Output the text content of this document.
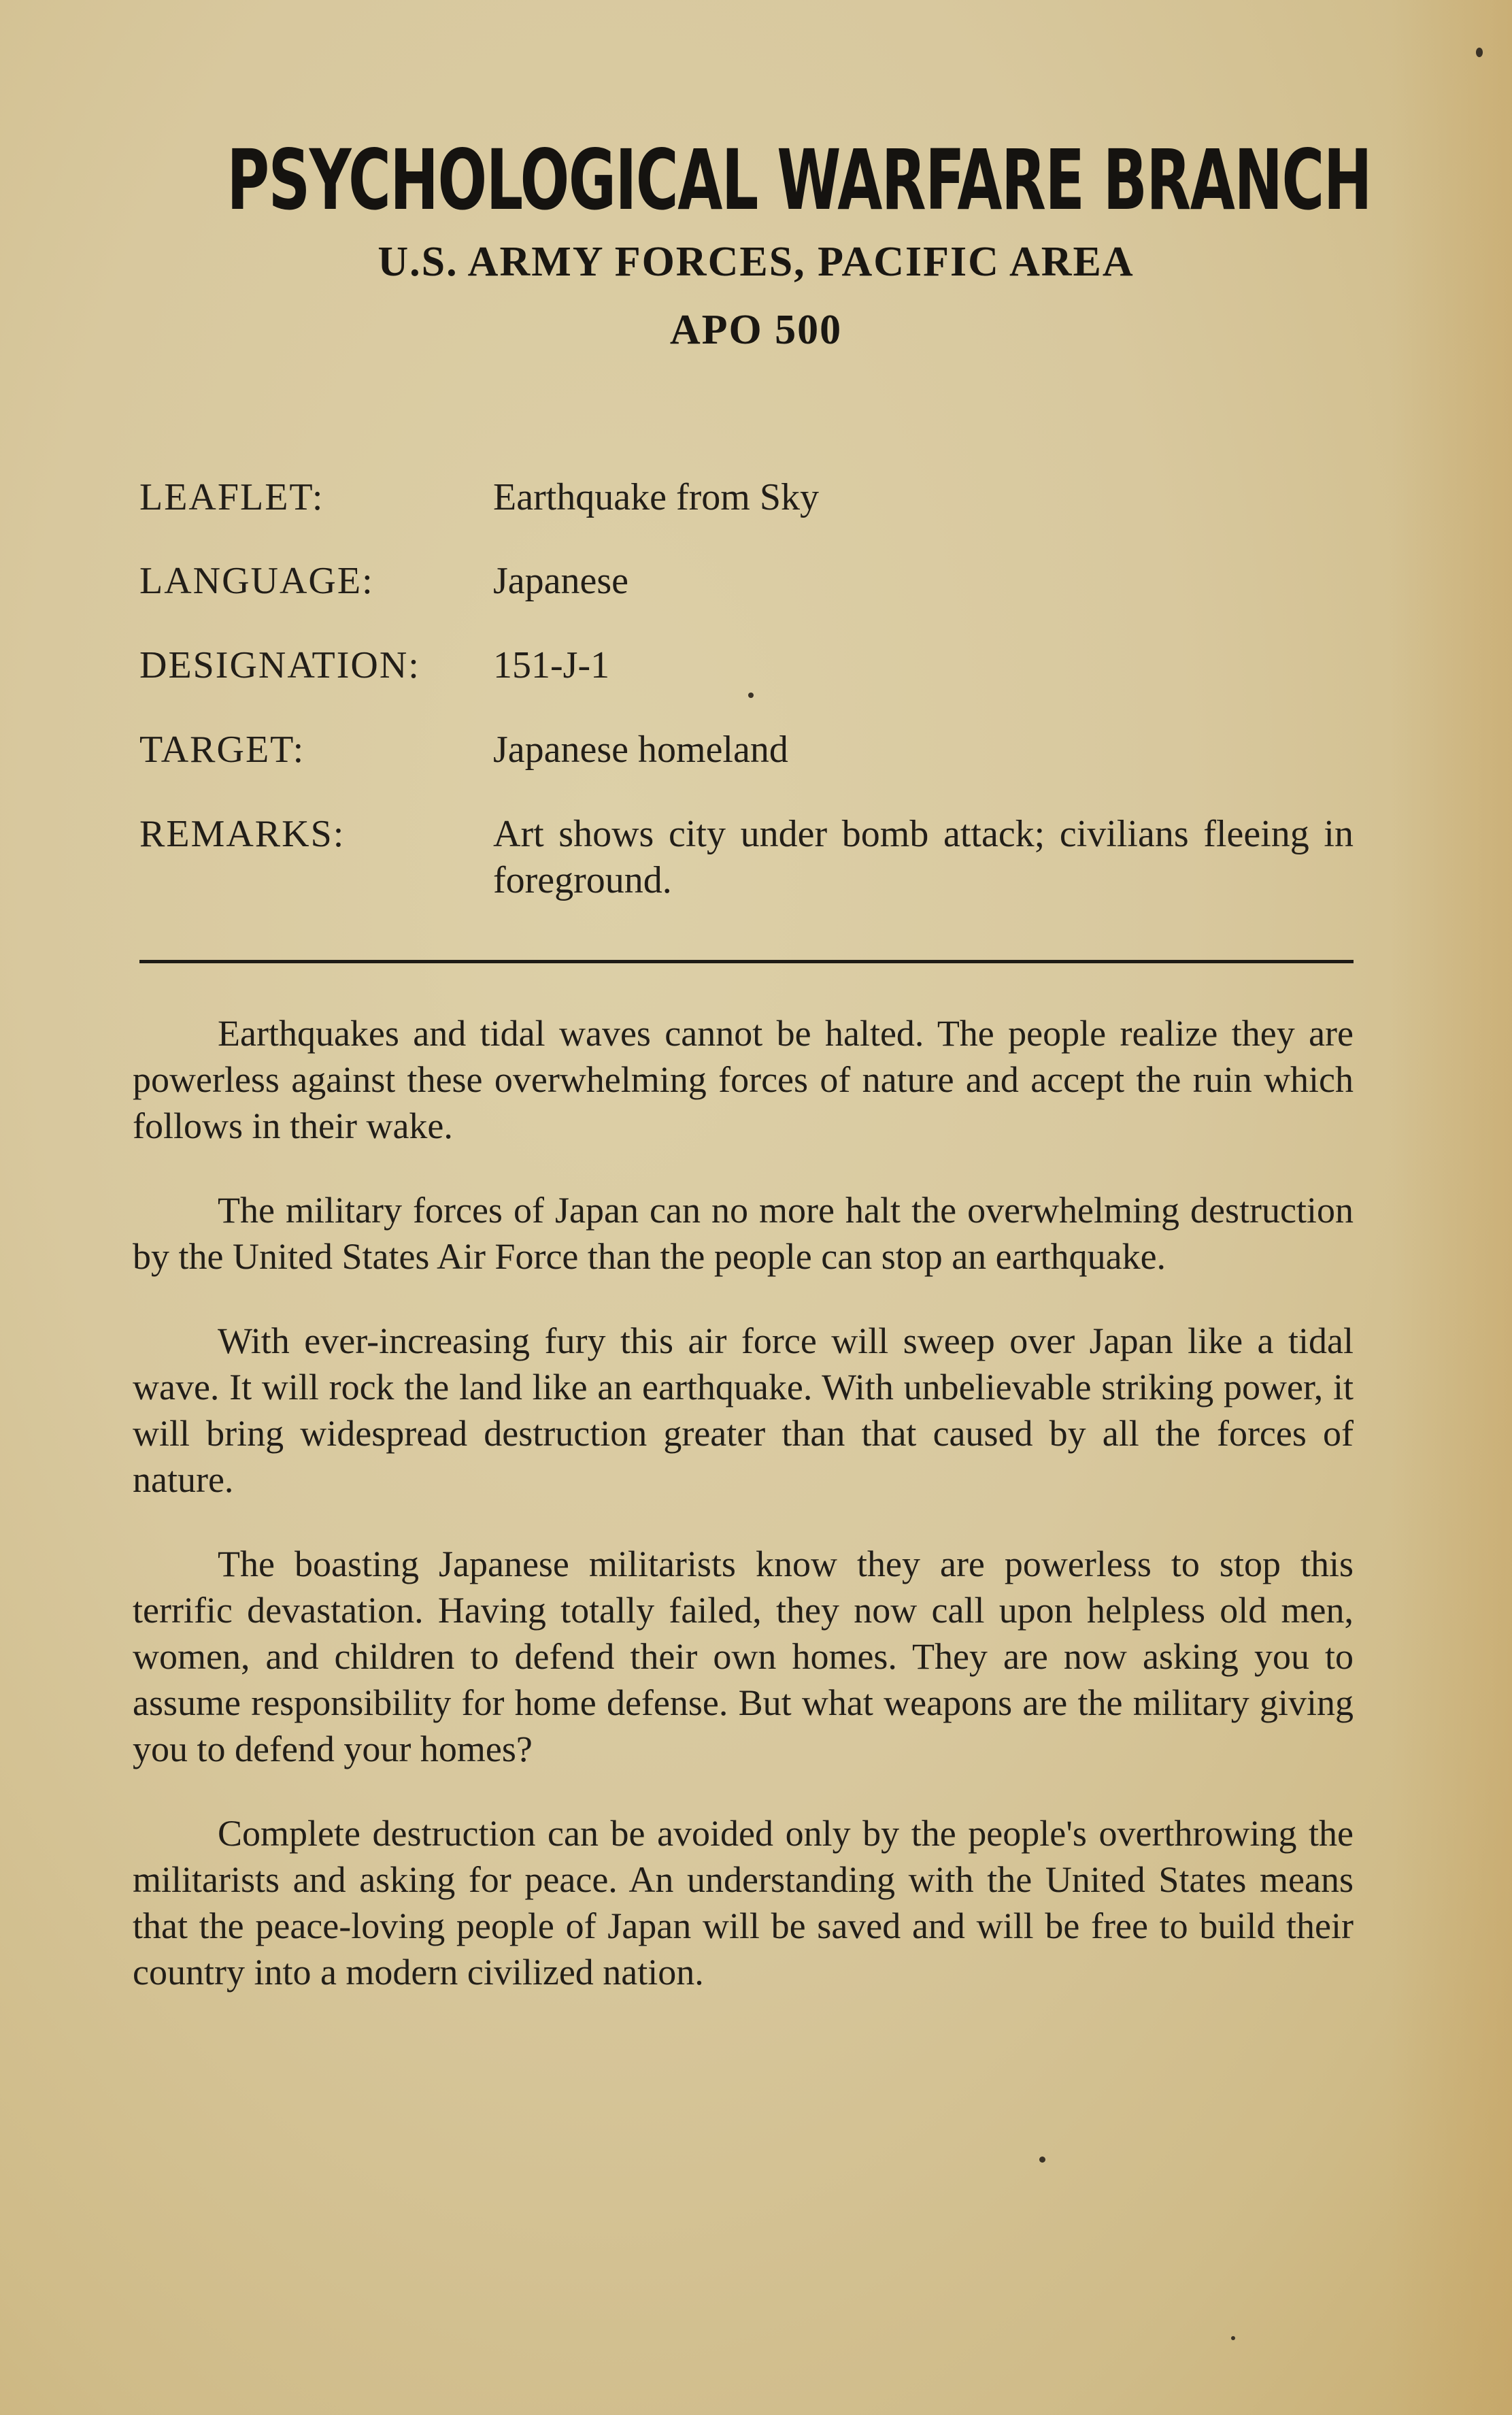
PSYCHOLOGICAL WARFARE BRANCH
U.S. ARMY FORCES, PACIFIC AREA
APO 500
LEAFLET:	Earthquake from Sky
LANGUAGE:	Japanese
DESIGNATION: 151-J-1
TARGET:	Japanese homeland
REMARKS:	Art shows city under bomb attack; civilians fleeing in foreground.

Earthquakes and tidal waves cannot be halted. The people realize they are powerless against these overwhelming forces of nature and accept the ruin which follows in their wake.

The military forces of Japan can no more halt the overwhelming destruction by the United States Air Force than the people can stop an earthquake.

With ever-increasing fury this air force will sweep over Japan like a tidal wave. It will rock the land like an earthquake. With unbelievable striking power, it will bring widespread destruction greater than that caused by all the forces of nature.

The boasting Japanese militarists know they are powerless to stop this terrific devastation. Having totally failed, they now call upon helpless old men, women, and children to defend their own homes. They are now asking you to assume responsibility for home defense. But what weapons are the military giving you to defend your homes?

Complete destruction can be avoided only by the people's overthrowing the militarists and asking for peace. An understanding with the United States means that the peace-loving people of Japan will be saved and will be free to build their country into a modern civilized nation.
